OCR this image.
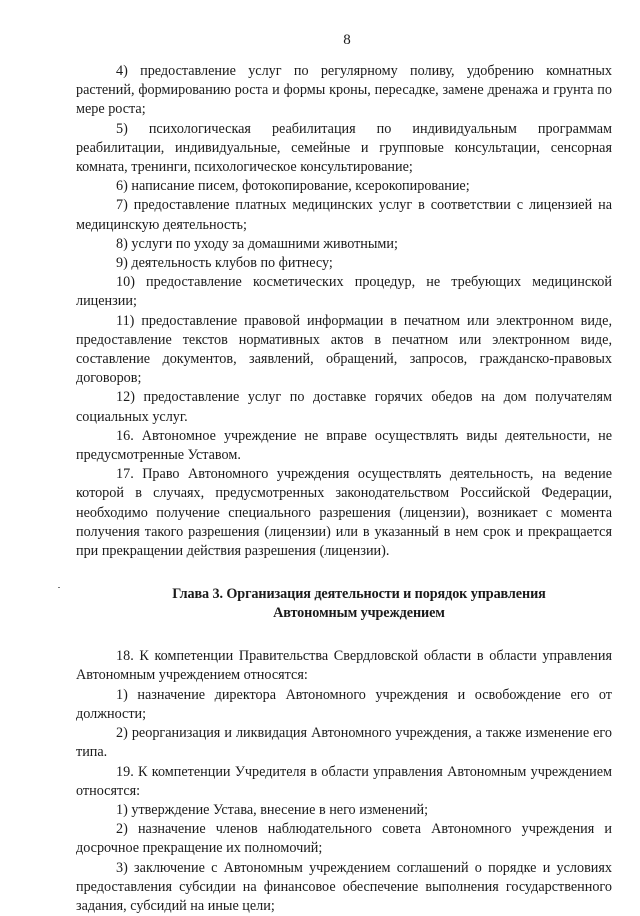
8

4) предоставление услуг по регулярному поливу, удобрению комнатных растений, формированию роста и формы кроны, пересадке, замене дренажа и грунта по мере роста;

5) психологическая реабилитация по индивидуальным программам реабилитации, индивидуальные, семейные и групповые консультации, сенсорная комната, тренинги, психологическое консультирование;

6) написание писем, фотокопирование, ксерокопирование;

7) предоставление платных медицинских услуг в соответствии с лицензией на медицинскую деятельность;

8) услуги по уходу за домашними животными;

9) деятельность клубов по фитнесу;

10) предоставление косметических процедур, не требующих медицинской лицензии;

11) предоставление правовой информации в печатном или электронном виде, предоставление текстов нормативных актов в печатном или электронном виде, составление документов, заявлений, обращений, запросов, гражданско-правовых договоров;

12) предоставление услуг по доставке горячих обедов на дом получателям социальных услуг.

16. Автономное учреждение не вправе осуществлять виды деятельности, не предусмотренные Уставом.

17. Право Автономного учреждения осуществлять деятельность, на ведение которой в случаях, предусмотренных законодательством Российской Федерации, необходимо получение специального разрешения (лицензии), возникает с момента получения такого разрешения (лицензии) или в указанный в нем срок и прекращается при прекращении действия разрешения (лицензии).

Глава 3. Организация деятельности и порядок управления
Автономным учреждением

18. К компетенции Правительства Свердловской области в области управления Автономным учреждением относятся:

1) назначение директора Автономного учреждения и освобождение его от должности;

2) реорганизация и ликвидация Автономного учреждения, а также изменение его типа.

19. К компетенции Учредителя в области управления Автономным учреждением относятся:

1) утверждение Устава, внесение в него изменений;

2) назначение членов наблюдательного совета Автономного учреждения и досрочное прекращение их полномочий;

3) заключение с Автономным учреждением соглашений о порядке и условиях предоставления субсидии на финансовое обеспечение выполнения государственного задания, субсидий на иные цели;
